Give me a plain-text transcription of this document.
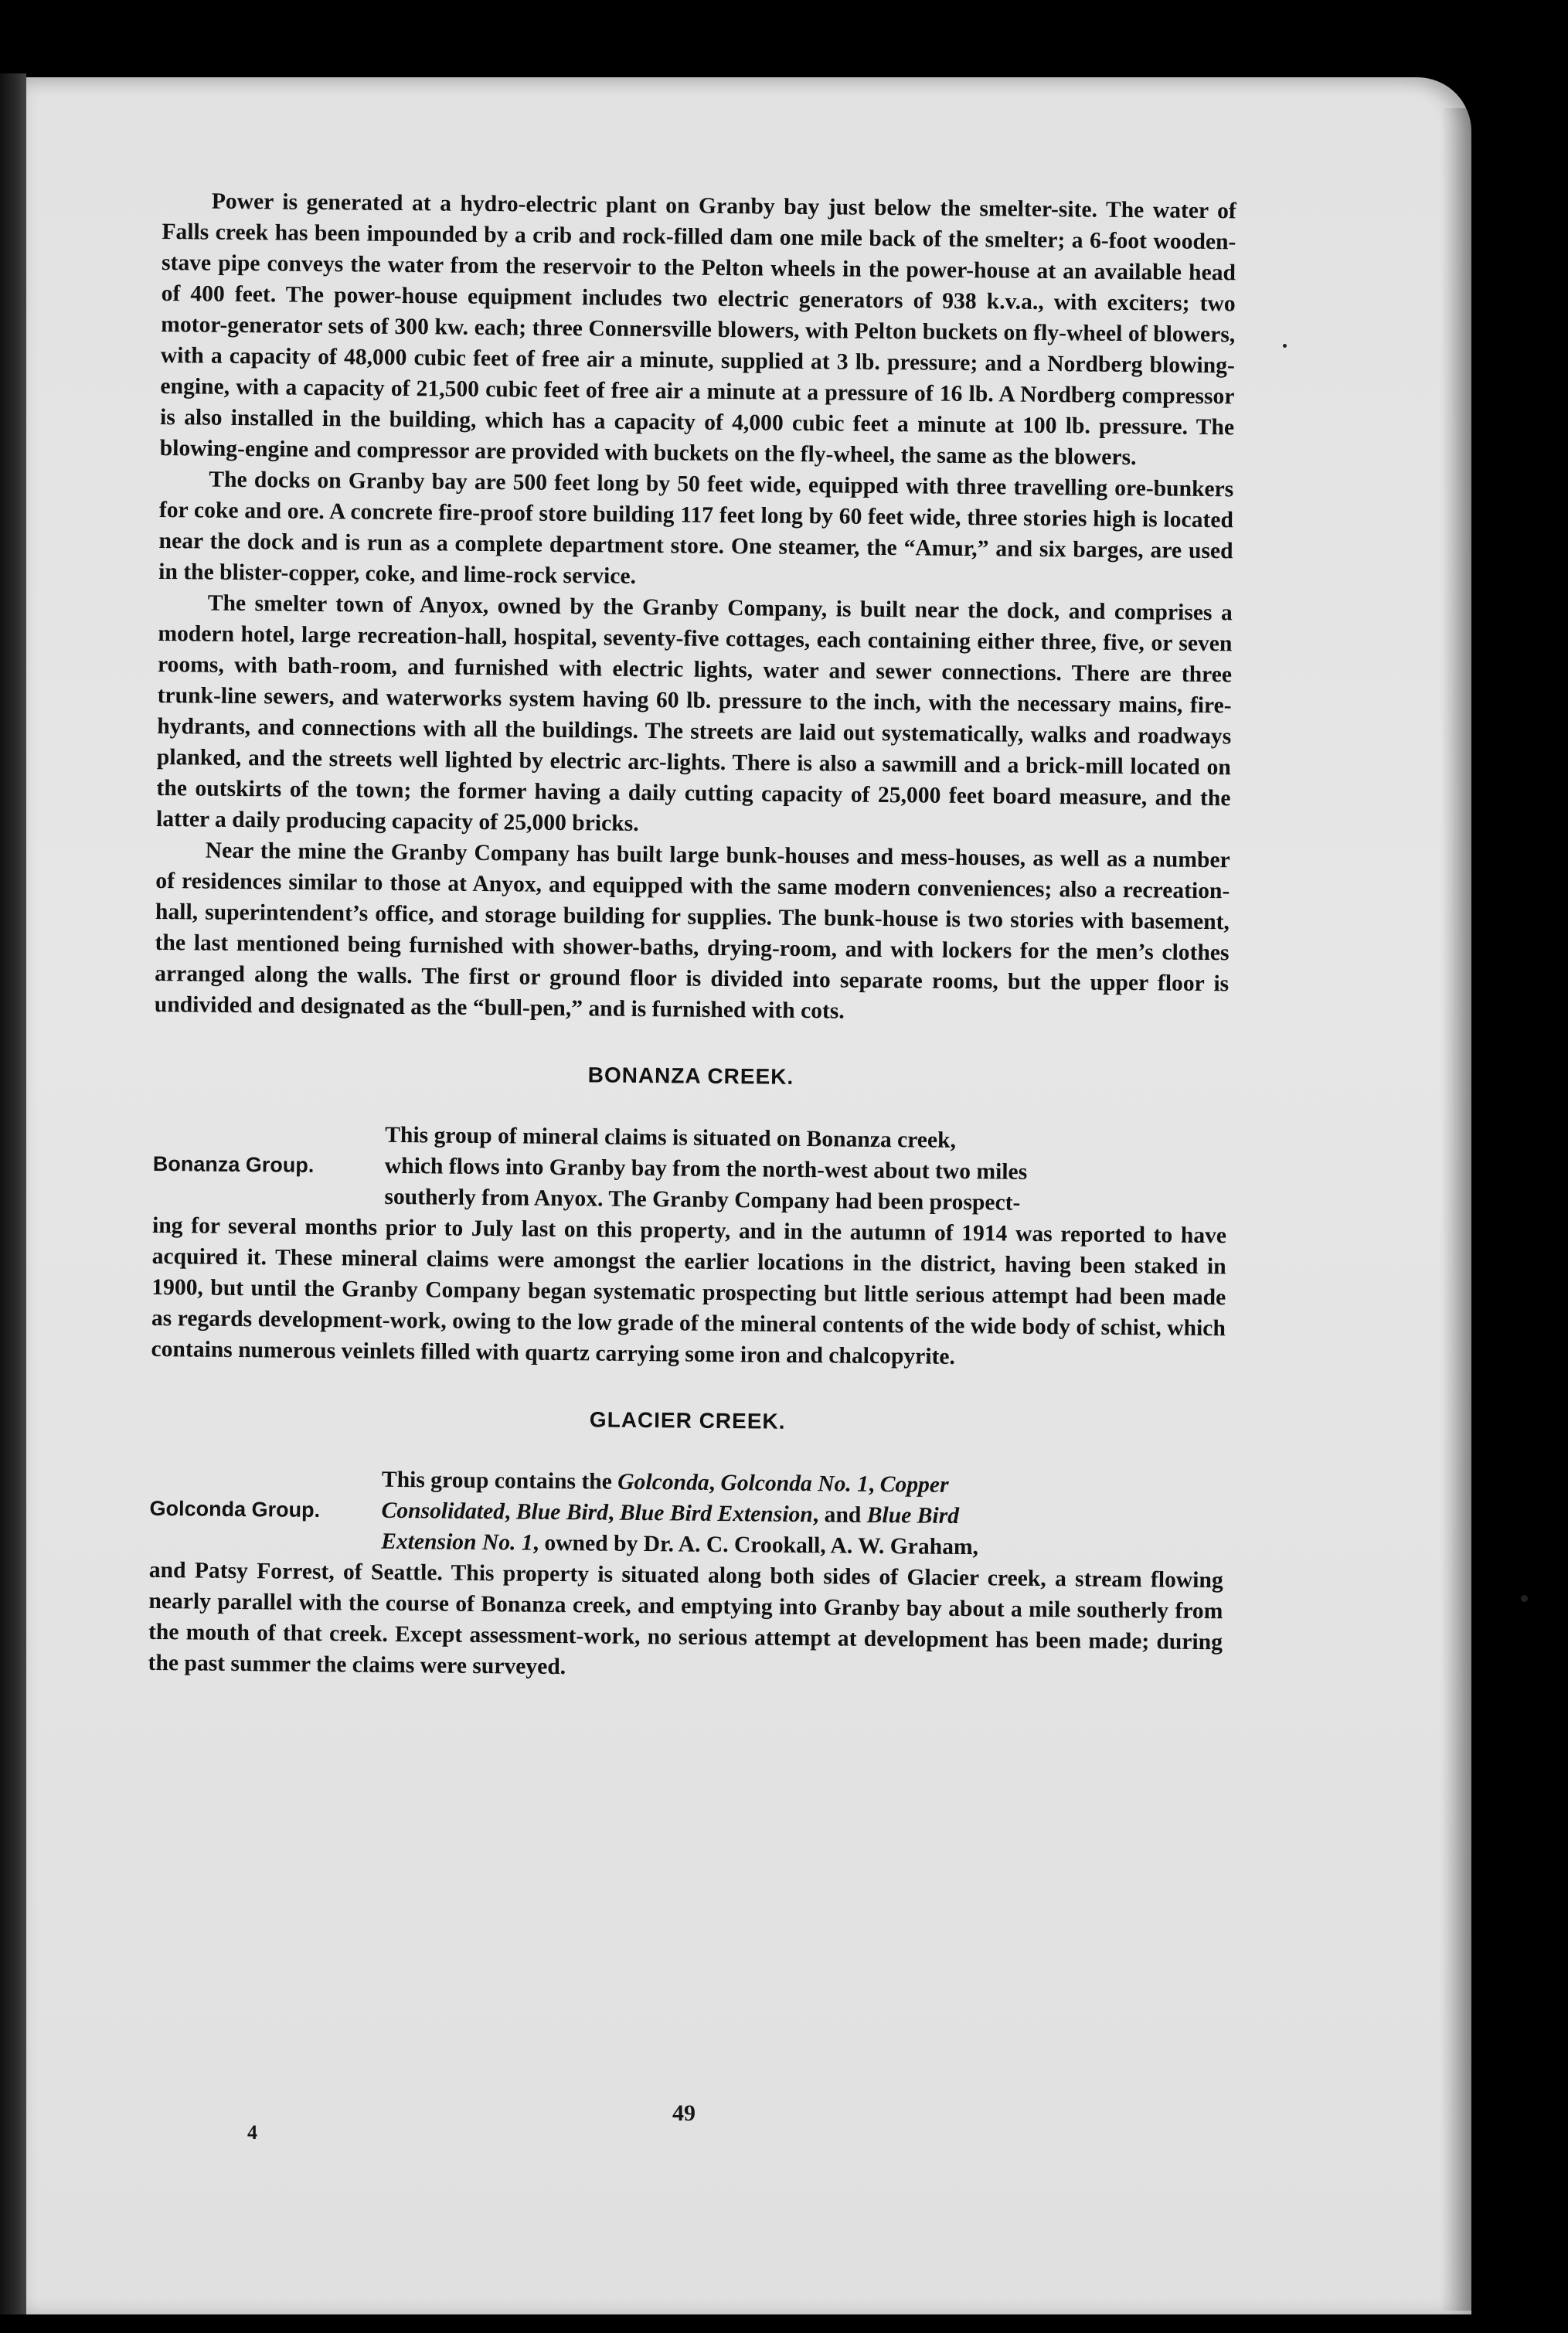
Power is generated at a hydro-electric plant on Granby bay just below the smelter-site. The water of Falls creek has been impounded by a crib and rock-filled dam one mile back of the smelter; a 6-foot wooden-stave pipe conveys the water from the reservoir to the Pelton wheels in the power-house at an available head of 400 feet. The power-house equipment includes two electric generators of 938 k.v.a., with exciters; two motor-generator sets of 300 kw. each; three Connersville blowers, with Pelton buckets on fly-wheel of blowers, with a capacity of 48,000 cubic feet of free air a minute, supplied at 3 lb. pressure; and a Nordberg blowing-engine, with a capacity of 21,500 cubic feet of free air a minute at a pressure of 16 lb. A Nordberg compressor is also installed in the building, which has a capacity of 4,000 cubic feet a minute at 100 lb. pressure. The blowing-engine and compressor are provided with buckets on the fly-wheel, the same as the blowers.

The docks on Granby bay are 500 feet long by 50 feet wide, equipped with three travelling ore-bunkers for coke and ore. A concrete fire-proof store building 117 feet long by 60 feet wide, three stories high is located near the dock and is run as a complete department store. One steamer, the “Amur,” and six barges, are used in the blister-copper, coke, and lime-rock service.

The smelter town of Anyox, owned by the Granby Company, is built near the dock, and comprises a modern hotel, large recreation-hall, hospital, seventy-five cottages, each containing either three, five, or seven rooms, with bath-room, and furnished with electric lights, water and sewer connections. There are three trunk-line sewers, and waterworks system having 60 lb. pressure to the inch, with the necessary mains, fire-hydrants, and connections with all the buildings. The streets are laid out systematically, walks and roadways planked, and the streets well lighted by electric arc-lights. There is also a sawmill and a brick-mill located on the outskirts of the town; the former having a daily cutting capacity of 25,000 feet board measure, and the latter a daily producing capacity of 25,000 bricks.

Near the mine the Granby Company has built large bunk-houses and mess-houses, as well as a number of residences similar to those at Anyox, and equipped with the same modern conveniences; also a recreation-hall, superintendent’s office, and storage building for supplies. The bunk-house is two stories with basement, the last mentioned being furnished with shower-baths, drying-room, and with lockers for the men’s clothes arranged along the walls. The first or ground floor is divided into separate rooms, but the upper floor is undivided and designated as the “bull-pen,” and is furnished with cots.

BONANZA CREEK.
This group of mineral claims is situated on Bonanza creek,
Bonanza Group.	which flows into Granby bay from the north-west about two miles
southerly from Anyox. The Granby Company had been prospect-
ing for several months prior to July last on this property, and in the autumn of 1914 was reported to have acquired it. These mineral claims were amongst the earlier locations in the district, having been staked in 1900, but until the Granby Company began systematic prospecting but little serious attempt had been made as regards development-work, owing to the low grade of the mineral contents of the wide body of schist, which contains numerous veinlets filled with quartz carrying some iron and chalcopyrite.
GLACIER CREEK.
This group contains the Golconda, Golconda No. 1, Copper
Golconda Group.	Consolidated, Blue Bird, Blue Bird Extension, and Blue Bird
Extension No. 1, owned by Dr. A. C. Crookall, A. W. Graham,
and Patsy Forrest, of Seattle. This property is situated along both sides of Glacier creek, a stream flowing nearly parallel with the course of Bonanza creek, and emptying into Granby bay about a mile southerly from the mouth of that creek. Except assessment-work, no serious attempt at development has been made; during the past summer the claims were surveyed.
49
4
